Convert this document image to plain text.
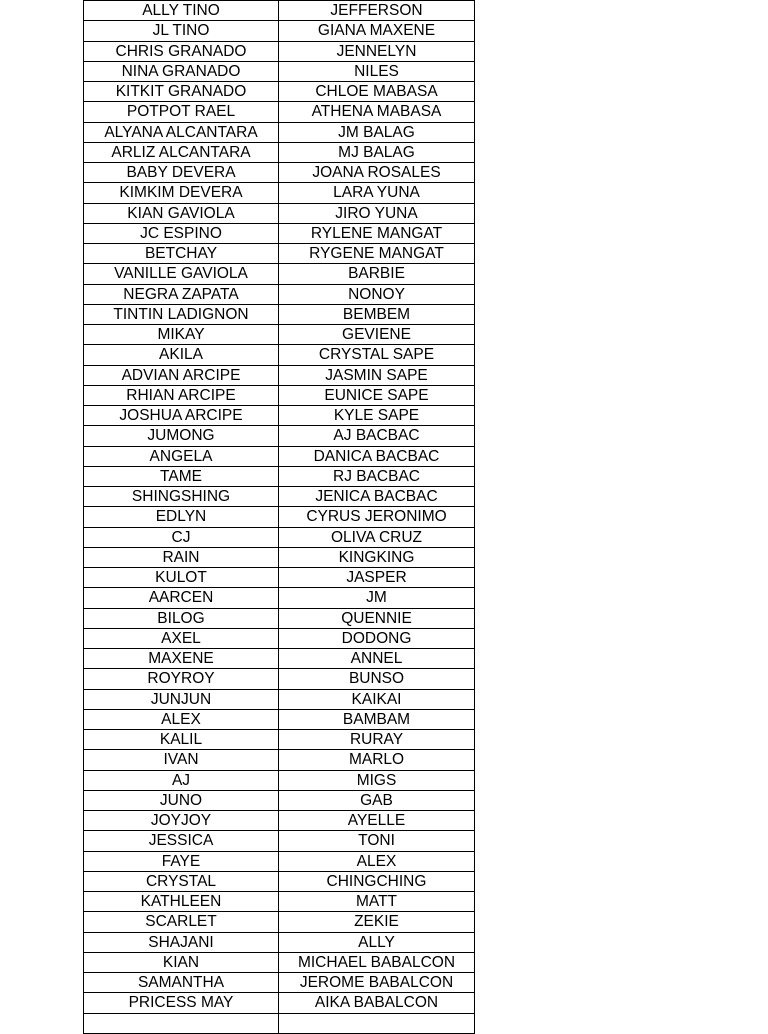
ALLY TINO	JEFFERSON
JL TINO	GIANA MAXENE
CHRIS GRANADO	JENNELYN
NINA GRANADO	NILES
KITKIT GRANADO	CHLOE MABASA
POTPOT RAEL	ATHENA MABASA
ALYANA ALCANTARA	JM BALAG
ARLIZ ALCANTARA	MJ BALAG
BABY DEVERA	JOANA ROSALES
KIMKIM DEVERA	LARA YUNA
KIAN GAVIOLA	JIRO YUNA
JC ESPINO	RYLENE MANGAT
BETCHAY	RYGENE MANGAT
VANILLE GAVIOLA	BARBIE
NEGRA ZAPATA	NONOY
TINTIN LADIGNON	BEMBEM
MIKAY	GEVIENE
AKILA	CRYSTAL SAPE
ADVIAN ARCIPE	JASMIN SAPE
RHIAN ARCIPE	EUNICE SAPE
JOSHUA ARCIPE	KYLE SAPE
JUMONG	AJ BACBAC
ANGELA	DANICA BACBAC
TAME	RJ BACBAC
SHINGSHING	JENICA BACBAC
EDLYN	CYRUS JERONIMO
CJ	OLIVA CRUZ
RAIN	KINGKING
KULOT	JASPER
AARCEN	JM
BILOG	QUENNIE
AXEL	DODONG
MAXENE	ANNEL
ROYROY	BUNSO
JUNJUN	KAIKAI
ALEX	BAMBAM
KALIL	RURAY
IVAN	MARLO
AJ	MIGS
JUNO	GAB
JOYJOY	AYELLE
JESSICA	TONI
FAYE	ALEX
CRYSTAL	CHINGCHING
KATHLEEN	MATT
SCARLET	ZEKIE
SHAJANI	ALLY
KIAN	MICHAEL BABALCON
SAMANTHA	JEROME BABALCON
PRICESS MAY	AIKA BABALCON
